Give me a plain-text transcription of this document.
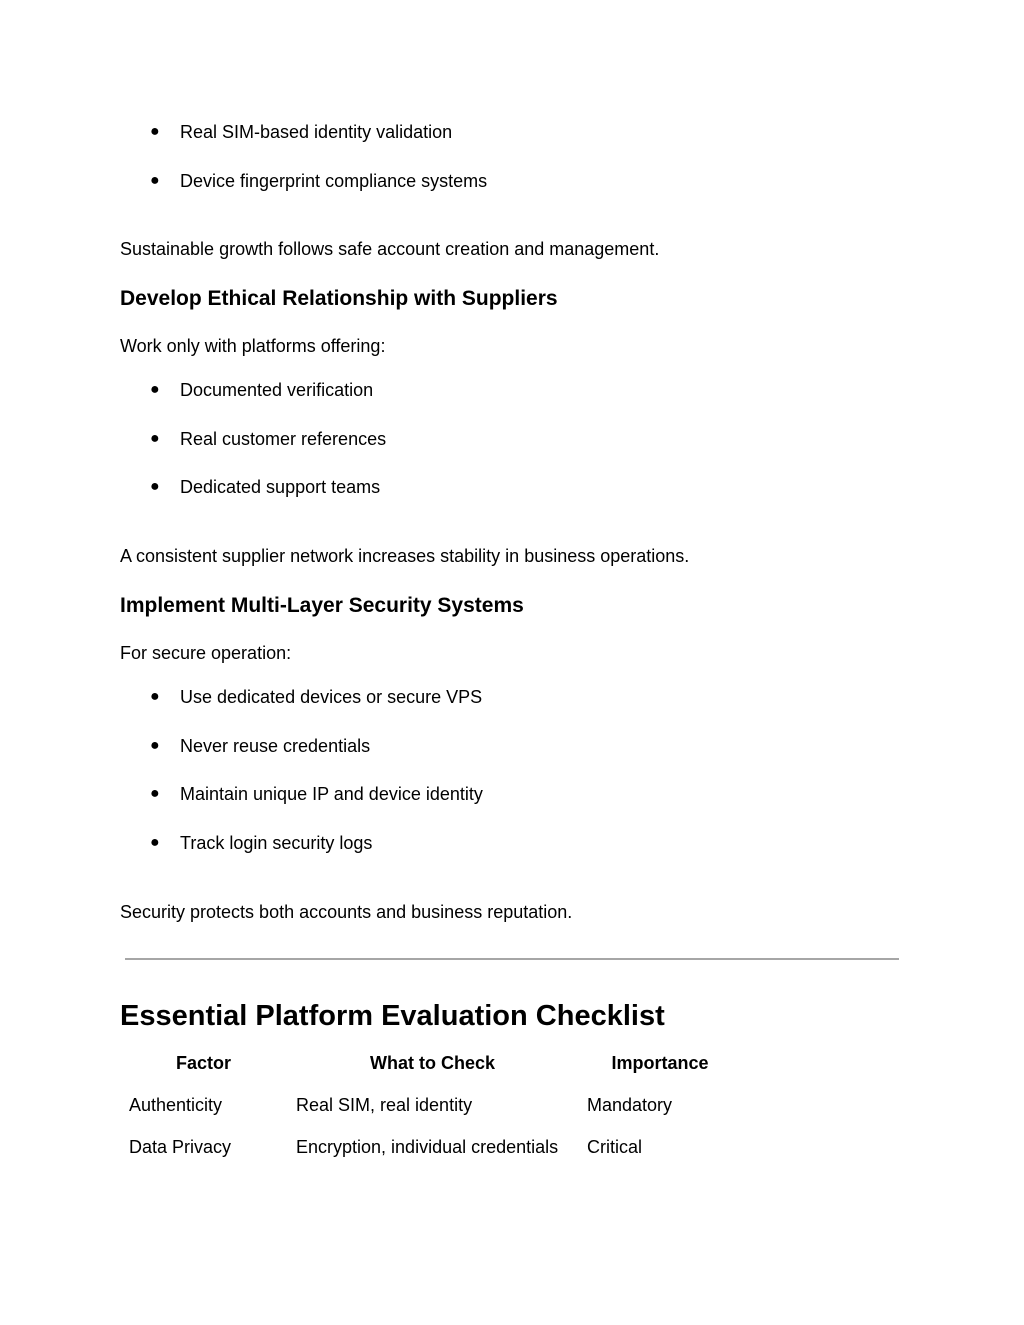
● Real SIM-based identity validation
● Device fingerprint compliance systems

Sustainable growth follows safe account creation and management.

Develop Ethical Relationship with Suppliers

Work only with platforms offering:

● Documented verification
● Real customer references
● Dedicated support teams

A consistent supplier network increases stability in business operations.

Implement Multi-Layer Security Systems

For secure operation:

● Use dedicated devices or secure VPS
● Never reuse credentials
● Maintain unique IP and device identity
● Track login security logs

Security protects both accounts and business reputation.

Essential Platform Evaluation Checklist
Factor	What to Check	Importance
Authenticity	Real SIM, real identity	Mandatory
Data Privacy	Encryption, individual credentials	Critical
